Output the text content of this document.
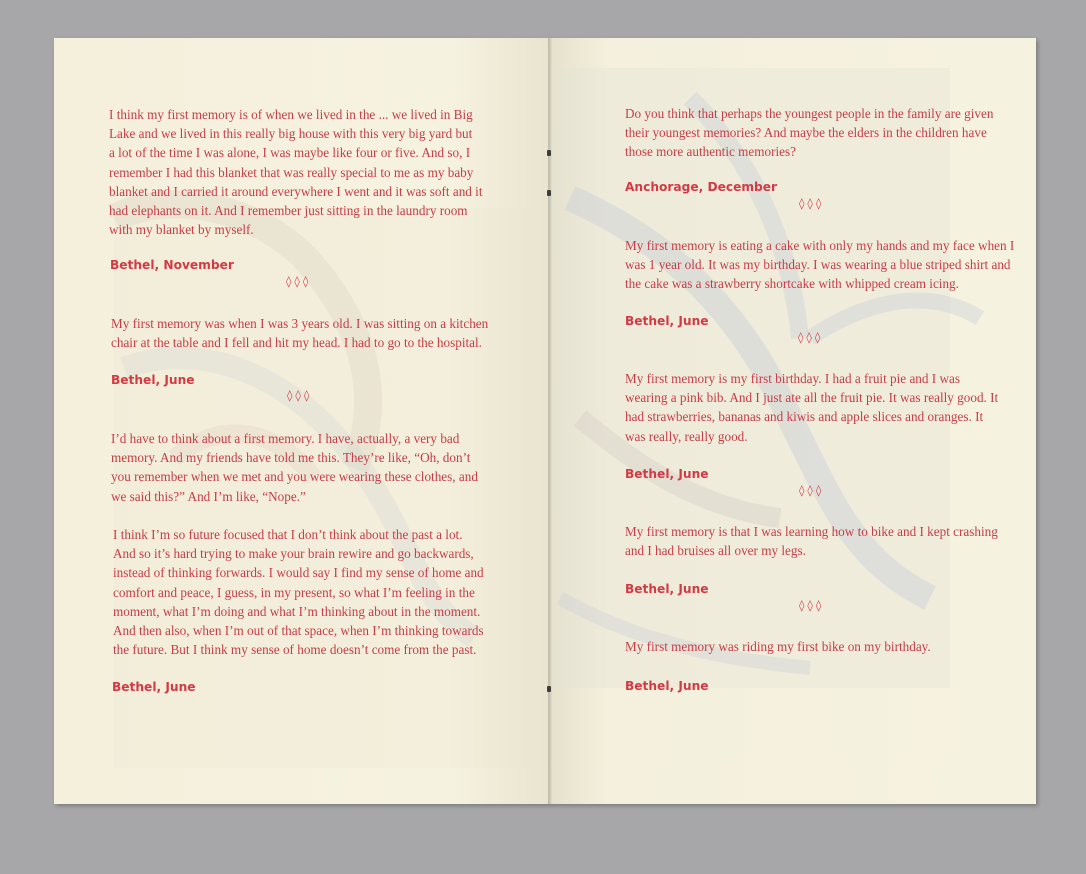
I think my first memory is of when we lived in the ... we lived in Big
Lake and we lived in this really big house with this very big yard but
a lot of the time I was alone, I was maybe like four or five. And so, I
remember I had this blanket that was really special to me as my baby
blanket and I carried it around everywhere I went and it was soft and it
had elephants on it. And I remember just sitting in the laundry room
with my blanket by myself.

Bethel, November
◊◊◊

My first memory was when I was 3 years old. I was sitting on a kitchen
chair at the table and I fell and hit my head. I had to go to the hospital.

Bethel, June
◊◊◊

I’d have to think about a first memory. I have, actually, a very bad
memory. And my friends have told me this. They’re like, “Oh, don’t
you remember when we met and you were wearing these clothes, and
we said this?” And I’m like, “Nope.”

I think I’m so future focused that I don’t think about the past a lot.
And so it’s hard trying to make your brain rewire and go backwards,
instead of thinking forwards. I would say I find my sense of home and
comfort and peace, I guess, in my present, so what I’m feeling in the
moment, what I’m doing and what I’m thinking about in the moment.
And then also, when I’m out of that space, when I’m thinking towards
the future. But I think my sense of home doesn’t come from the past.

Bethel, June

Do you think that perhaps the youngest people in the family are given
their youngest memories? And maybe the elders in the children have
those more authentic memories?

Anchorage, December
◊◊◊

My first memory is eating a cake with only my hands and my face when I
was 1 year old. It was my birthday. I was wearing a blue striped shirt and
the cake was a strawberry shortcake with whipped cream icing.

Bethel, June
◊◊◊

My first memory is my first birthday. I had a fruit pie and I was
wearing a pink bib. And I just ate all the fruit pie. It was really good. It
had strawberries, bananas and kiwis and apple slices and oranges. It
was really, really good.

Bethel, June
◊◊◊

My first memory is that I was learning how to bike and I kept crashing
and I had bruises all over my legs.

Bethel, June
◊◊◊

My first memory was riding my first bike on my birthday.

Bethel, June
